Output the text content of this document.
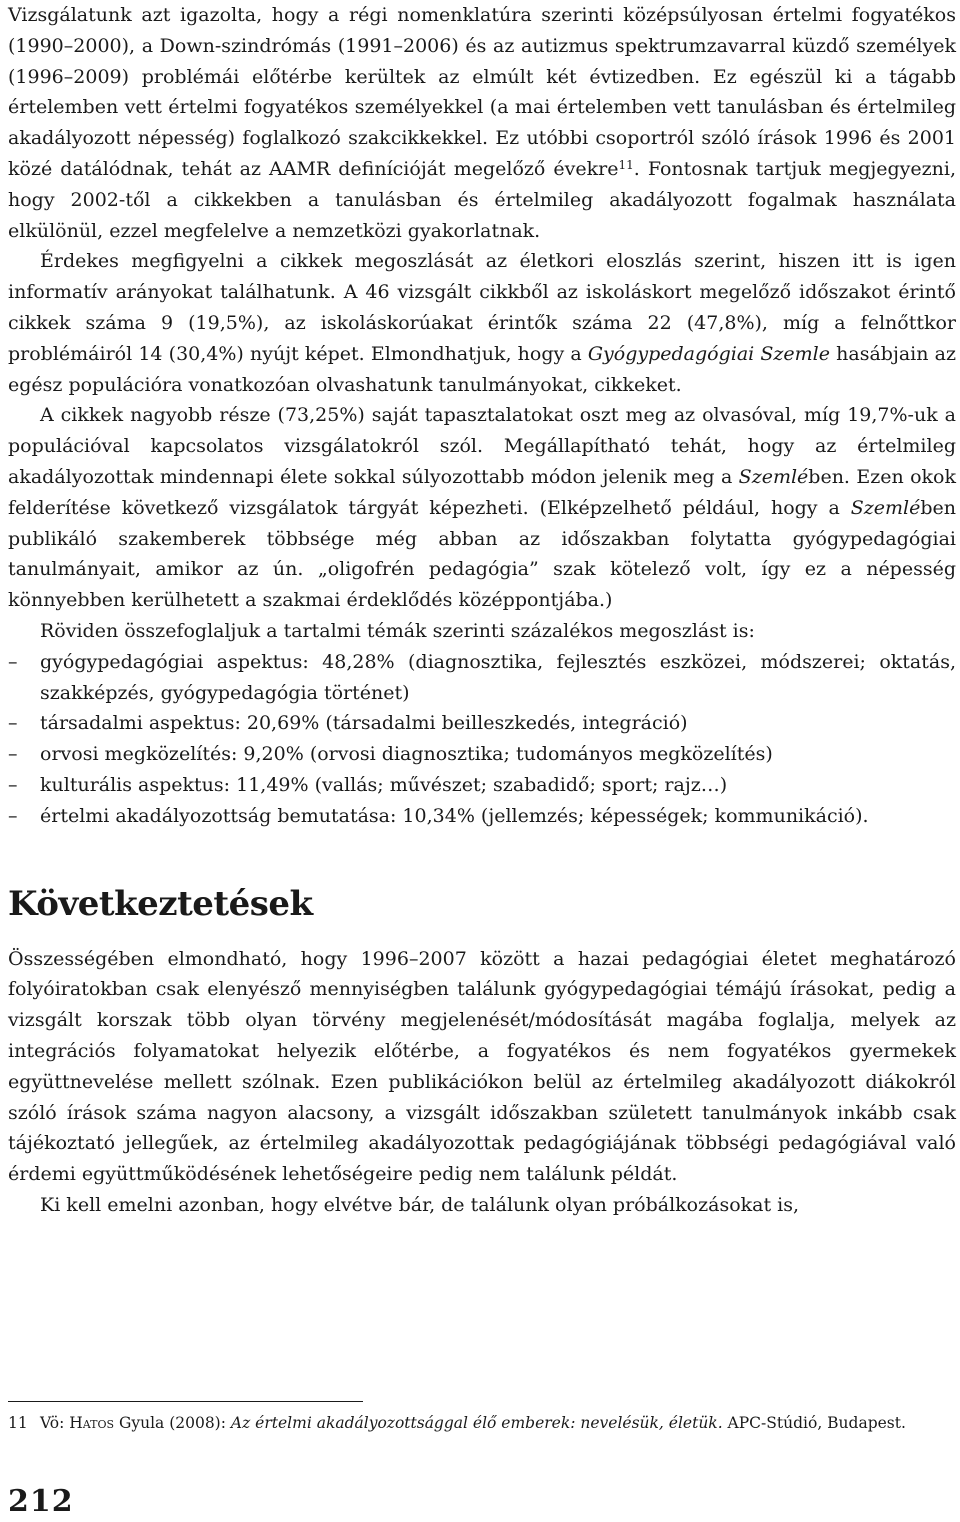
Vizsgálatunk azt igazolta, hogy a régi nomenklatúra szerinti középsúlyosan értelmi fogyatékos (1990–2000), a Down-szindrómás (1991–2006) és az autizmus spektrumzavarral küzdő személyek (1996–2009) problémái előtérbe kerültek az elmúlt két évtizedben. Ez egészül ki a tágabb értelemben vett értelmi fogyatékos személyekkel (a mai értelemben vett tanulásban és értelmileg akadályozott népesség) foglalkozó szakcikkekkel. Ez utóbbi csoportról szóló írások 1996 és 2001 közé datálódnak, tehát az AAMR definícióját megelőző évekre$^{11}$. Fontosnak tartjuk megjegyezni, hogy 2002-től a cikkekben a tanulásban és értelmileg akadályozott fogalmak használata elkülönül, ezzel megfelelve a nemzetközi gyakorlatnak.

Érdekes megfigyelni a cikkek megoszlását az életkori eloszlás szerint, hiszen itt is igen informatív arányokat találhatunk. A 46 vizsgált cikkből az iskoláskort megelőző időszakot érintő cikkek száma 9 (19,5%), az iskoláskorúakat érintők száma 22 (47,8%), míg a felnőttkor problémáiról 14 (30,4%) nyújt képet. Elmondhatjuk, hogy a Gyógypedagógiai Szemle hasábjain az egész populációra vonatkozóan olvashatunk tanulmányokat, cikkeket.

A cikkek nagyobb része (73,25%) saját tapasztalatokat oszt meg az olvasóval, míg 19,7%-uk a populációval kapcsolatos vizsgálatokról szól. Megállapítható tehát, hogy az értelmileg akadályozottak mindennapi élete sokkal súlyozottabb módon jelenik meg a Szemlében. Ezen okok felderítése következő vizsgálatok tárgyát képezheti. (Elképzelhető például, hogy a Szemlében publikáló szakemberek többsége még abban az időszakban folytatta gyógypedagógiai tanulmányait, amikor az ún. „oligofrén pedagógia” szak kötelező volt, így ez a népesség könnyebben kerülhetett a szakmai érdeklődés középpontjába.)

Röviden összefoglaljuk a tartalmi témák szerinti százalékos megoszlást is:

– gyógypedagógiai aspektus: 48,28% (diagnosztika, fejlesztés eszközei, módszerei; oktatás, szakképzés, gyógypedagógia történet)
– társadalmi aspektus: 20,69% (társadalmi beilleszkedés, integráció)
– orvosi megközelítés: 9,20% (orvosi diagnosztika; tudományos megközelítés)
– kulturális aspektus: 11,49% (vallás; művészet; szabadidő; sport; rajz…)
– értelmi akadályozottság bemutatása: 10,34% (jellemzés; képességek; kommunikáció).
Következtetések

Összességében elmondható, hogy 1996–2007 között a hazai pedagógiai életet meghatározó folyóiratokban csak elenyésző mennyiségben találunk gyógypedagógiai témájú írásokat, pedig a vizsgált korszak több olyan törvény megjelenését/módosítását magába foglalja, melyek az integrációs folyamatokat helyezik előtérbe, a fogyatékos és nem fogyatékos gyermekek együttnevelése mellett szólnak. Ezen publikációkon belül az értelmileg akadályozott diákokról szóló írások száma nagyon alacsony, a vizsgált időszakban született tanulmányok inkább csak tájékoztató jellegűek, az értelmileg akadályozottak pedagógiájának többségi pedagógiával való érdemi együttműködésének lehetőségeire pedig nem találunk példát.

Ki kell emelni azonban, hogy elvétve bár, de találunk olyan próbálkozásokat is,

11 Vö: Hatos Gyula (2008): Az értelmi akadályozottsággal élő emberek: nevelésük, életük. APC-Stúdió, Budapest.
212
